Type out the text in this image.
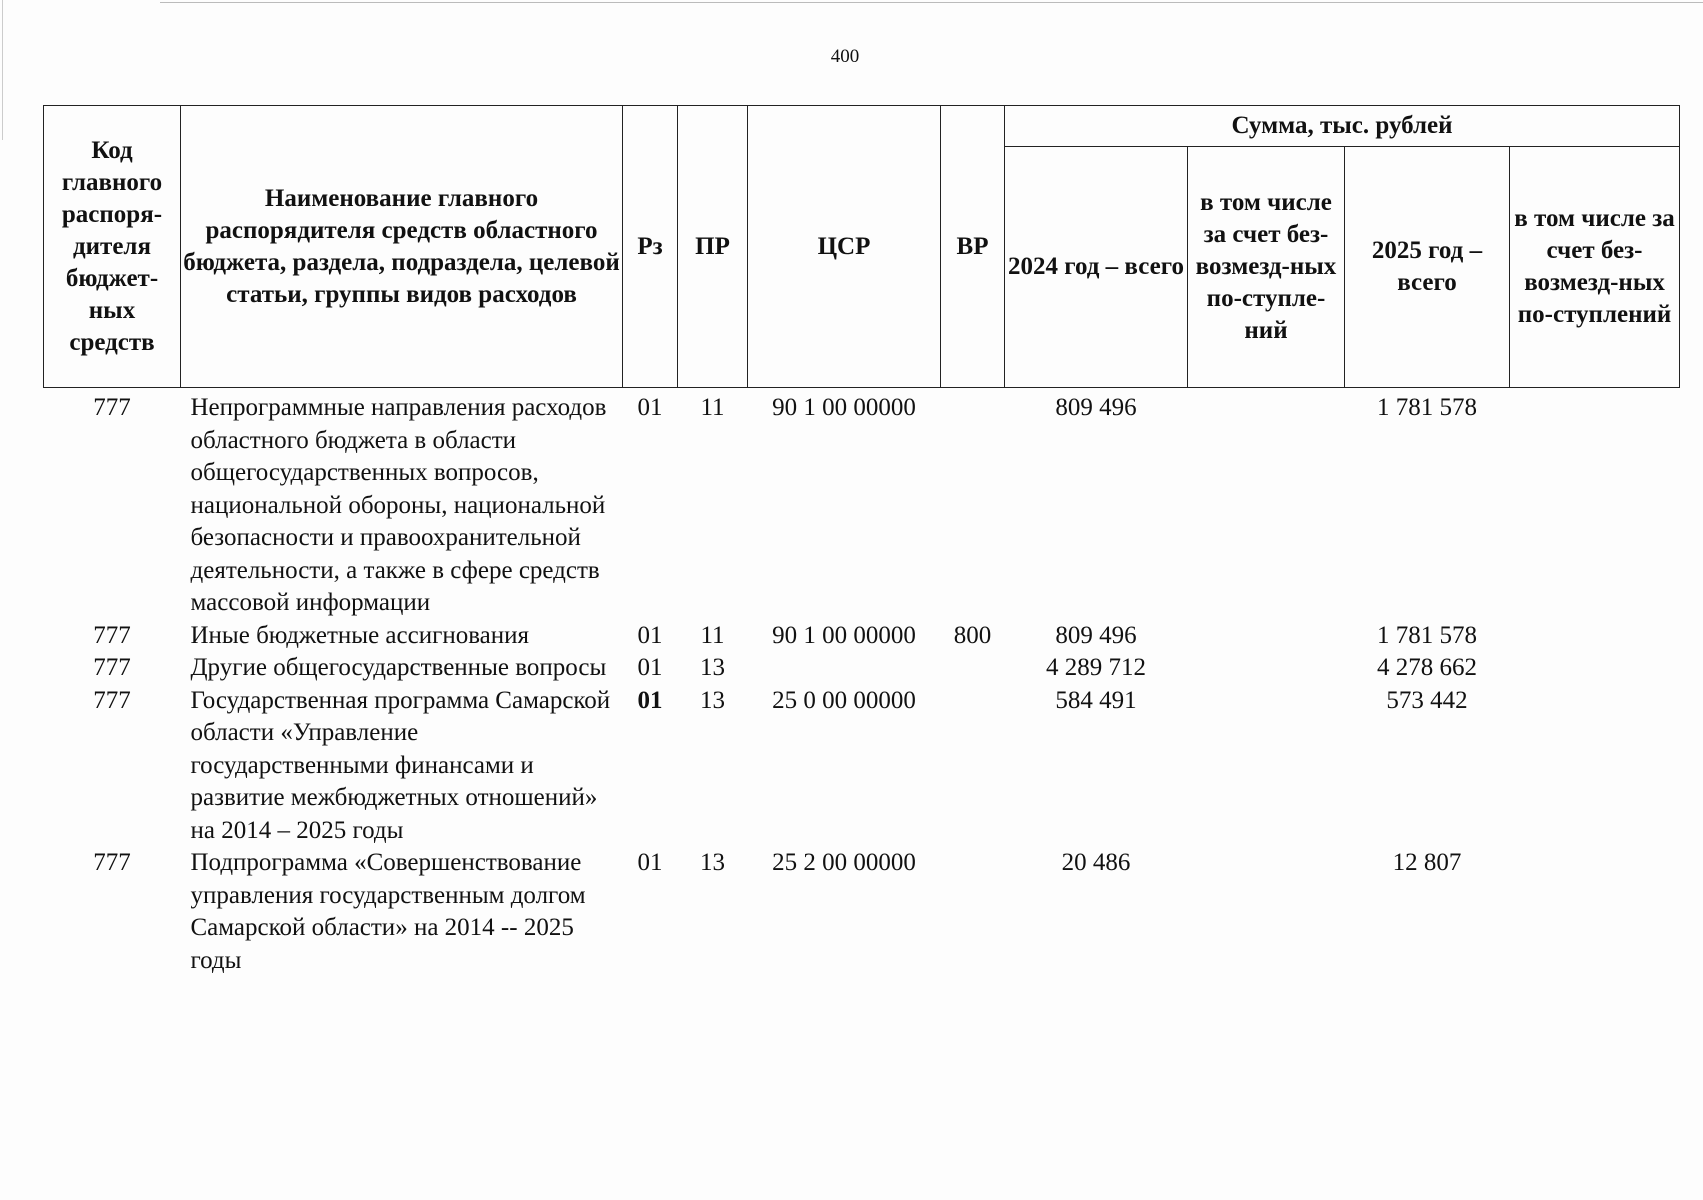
400
Код главного распоря-дителя бюджет-ных средств	Наименование главного распорядителя средств областного бюджета, раздела, подраздела, целевой статьи, группы видов расходов	Рз	ПР	ЦСР	ВР	Сумма, тыс. рублей			
						2024 год – всего	в том числе за счет без-возмезд-ных по-ступле-ний	2025 год – всего	в том числе за счет без-возмезд-ных по-ступлений
777	Непрограммные направления расходов областного бюджета в области общегосударственных вопросов, национальной обороны, национальной безопасности и правоохранительной деятельности, а также в сфере средств массовой информации	01	11	90 1 00 00000		809 496		1 781 578	
777	Иные бюджетные ассигнования	01	11	90 1 00 00000	800	809 496		1 781 578	
777	Другие общегосударственные вопросы	01	13			4 289 712		4 278 662	
777	Государственная программа Самарской области «Управление государственными финансами и развитие межбюджетных отношений» на 2014 – 2025 годы	01	13	25 0 00 00000		584 491		573 442	
777	Подпрограмма «Совершенствование управления государственным долгом Самарской области» на 2014 -- 2025 годы	01	13	25 2 00 00000		20 486		12 807	
